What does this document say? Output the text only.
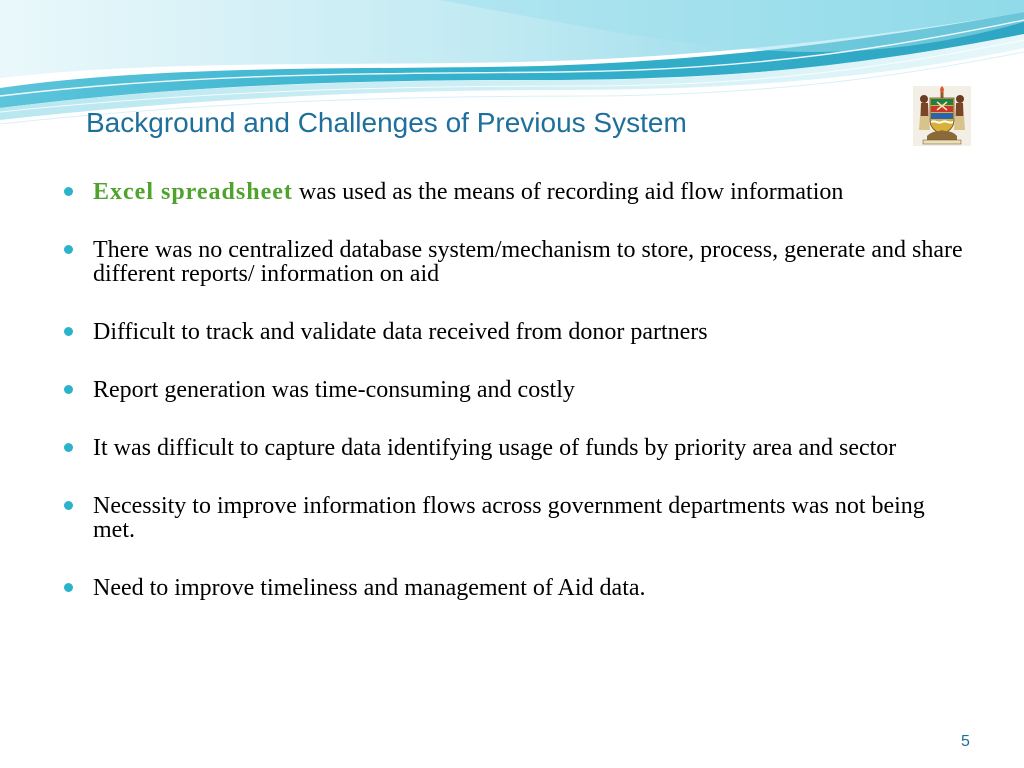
Background and Challenges of Previous System
Excel spreadsheet was used as the means of recording aid flow information
There was no centralized database system/mechanism to store, process, generate and share different reports/ information on aid
Difficult to track and validate data received from donor partners
Report generation was time-consuming and costly
It was difficult to capture data identifying usage of funds by priority area and sector
Necessity to improve information flows across government departments was not being met.
Need to improve timeliness and management of Aid data.
5
